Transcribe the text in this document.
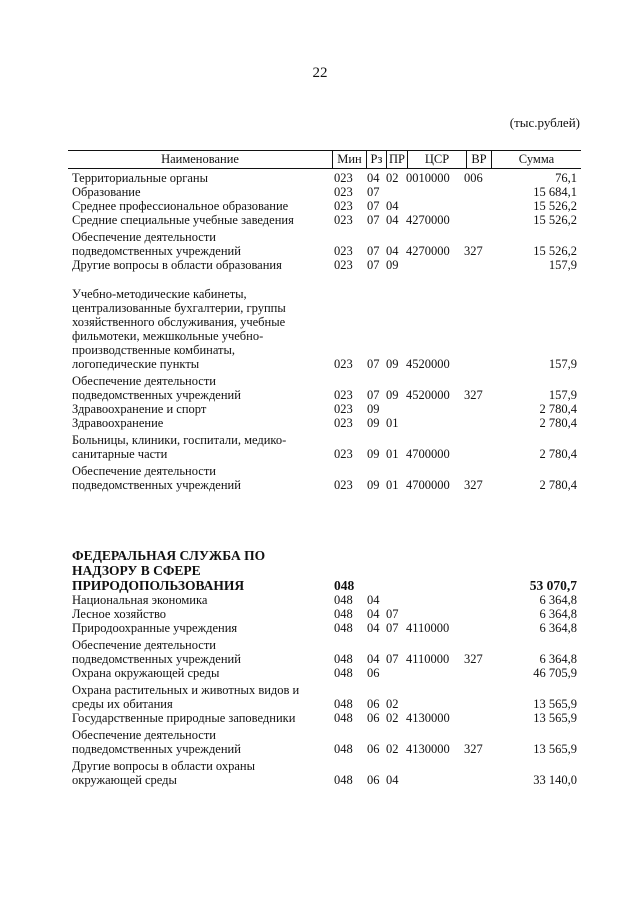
22
(тыс.рублей)
Наименование	Мин Рз ПР	ЦСР	ВР	Сумма
Территориальные органы	023	04 02 0010000	006	76,1
Образование	023	07	15 684,1
Среднее профессиональное образование	023	07 04	15 526,2
Средние специальные учебные заведения	023	07 04 4270000	15 526,2
Обеспечение деятельности
подведомственных учреждений	023	07 04 4270000	327	15 526,2
Другие вопросы в области образования	023	07 09	157,9
Учебно-методические кабинеты,
централизованные бухгалтерии, группы
хозяйственного обслуживания, учебные
фильмотеки, межшкольные учебно-
производственные комбинаты,
логопедические пункты	023	07 09 4520000	157,9
Обеспечение деятельности
подведомственных учреждений	023	07 09 4520000	327	157,9
Здравоохранение и спорт	023	09	2 780,4
Здравоохранение	023	09 01	2 780,4
Больницы, клиники, госпитали, медико-
санитарные части	023	09 01 4700000	2 780,4
Обеспечение деятельности
подведомственных учреждений	023	09 01 4700000	327	2 780,4
ФЕДЕРАЛЬНАЯ СЛУЖБА ПО
НАДЗОРУ В СФЕРЕ
ПРИРОДОПОЛЬЗОВАНИЯ	048	53 070,7
Национальная экономика	048	04	6 364,8
Лесное хозяйство	048	04 07	6 364,8
Природоохранные учреждения	048	04 07 4110000	6 364,8
Обеспечение деятельности
подведомственных учреждений	048	04 07 4110000	327	6 364,8
Охрана окружающей среды	048	06	46 705,9
Охрана растительных и животных видов и
среды их обитания	048	06 02	13 565,9
Государственные природные заповедники	048	06 02 4130000	13 565,9
Обеспечение деятельности
подведомственных учреждений	048	06 02 4130000	327	13 565,9
Другие вопросы в области охраны
окружающей среды	048	06 04	33 140,0
